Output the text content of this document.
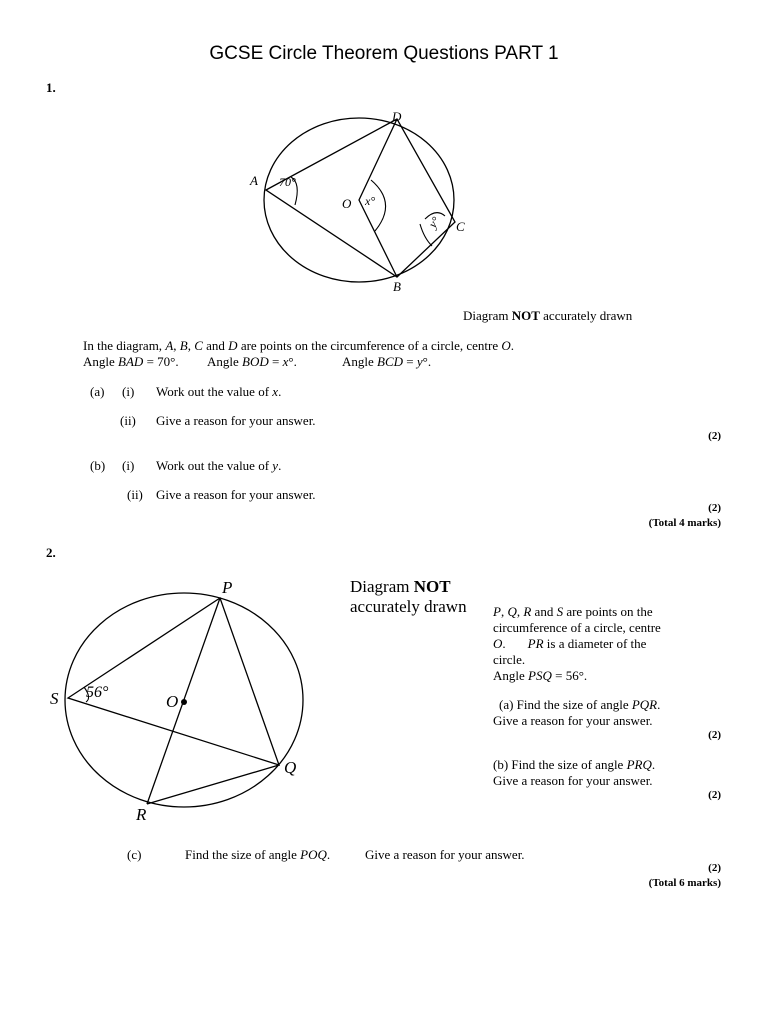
GCSE Circle Theorem Questions PART 1
1.
A
D
C
B
O
70°
x°
y°
Diagram NOT accurately drawn
In the diagram, A, B, C and D are points on the circumference of a circle, centre O.
Angle BAD = 70°. Angle BOD = x°.	Angle BCD = y°.
(a) (i) Work out the value of x.
(ii) Give a reason for your answer.
(2)
(b) (i) Work out the value of y.
(ii) Give a reason for your answer.
(2)
(Total 4 marks)
2.
P
S	O
Q
R
56°
Diagram NOT
accurately drawn P, Q, R and S are points on the
circumference of a circle, centre
O. PR is a diameter of the
circle.
Angle PSQ = 56°.
(a) Find the size of angle PQR.
Give a reason for your answer.
(2)
(b) Find the size of angle PRQ.
Give a reason for your answer.
(2)
(c)	Find the size of angle POQ.	Give a reason for your answer.
(2)
(Total 6 marks)
